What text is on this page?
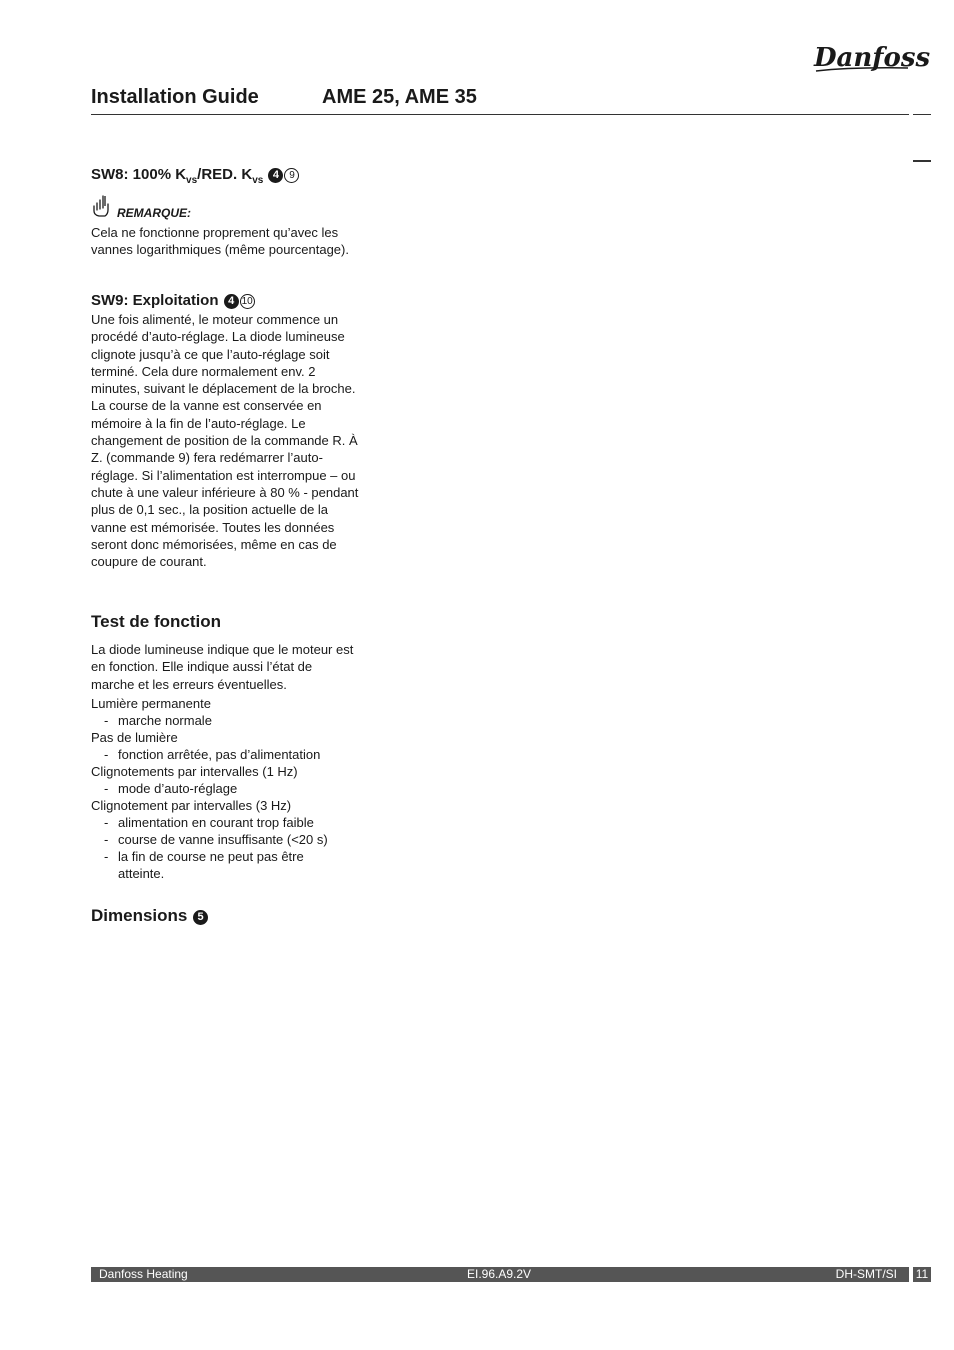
Danfoss
Installation Guide	AME 25, AME 35
SW8: 100% $K_{vs}$/RED. $K_{vs}$ 4 9
REMARQUE:
Cela ne fonctionne proprement qu’avec les vannes logarithmiques (même pourcentage).
SW9: Exploitation 4 10
Une fois alimenté, le moteur commence un procédé d’auto-réglage. La diode lumineuse clignote jusqu’à ce que l’auto-réglage soit terminé. Cela dure normalement env. 2 minutes, suivant le déplacement de la broche. La course de la vanne est conservée en mémoire à la fin de l’auto-réglage. Le changement de position de la commande R. À Z. (commande 9) fera redémarrer l’auto-réglage. Si l’alimentation est interrompue – ou chute à une valeur inférieure à 80 % - pendant plus de 0,1 sec., la position actuelle de la vanne est mémorisée. Toutes les données seront donc mémorisées, même en cas de coupure de courant.
Test de fonction
La diode lumineuse indique que le moteur est en fonction. Elle indique aussi l’état de marche et les erreurs éventuelles.
Lumière permanente
- marche normale
Pas de lumière
- fonction arrêtée, pas d’alimentation
Clignotements par intervalles (1 Hz)
- mode d’auto-réglage
Clignotement par intervalles (3 Hz)
- alimentation en courant trop faible
- course de vanne insuffisante (<20 s)
- la fin de course ne peut pas être atteinte.
Dimensions 5
Danfoss Heating	EI.96.A9.2V	DH-SMT/SI 11
